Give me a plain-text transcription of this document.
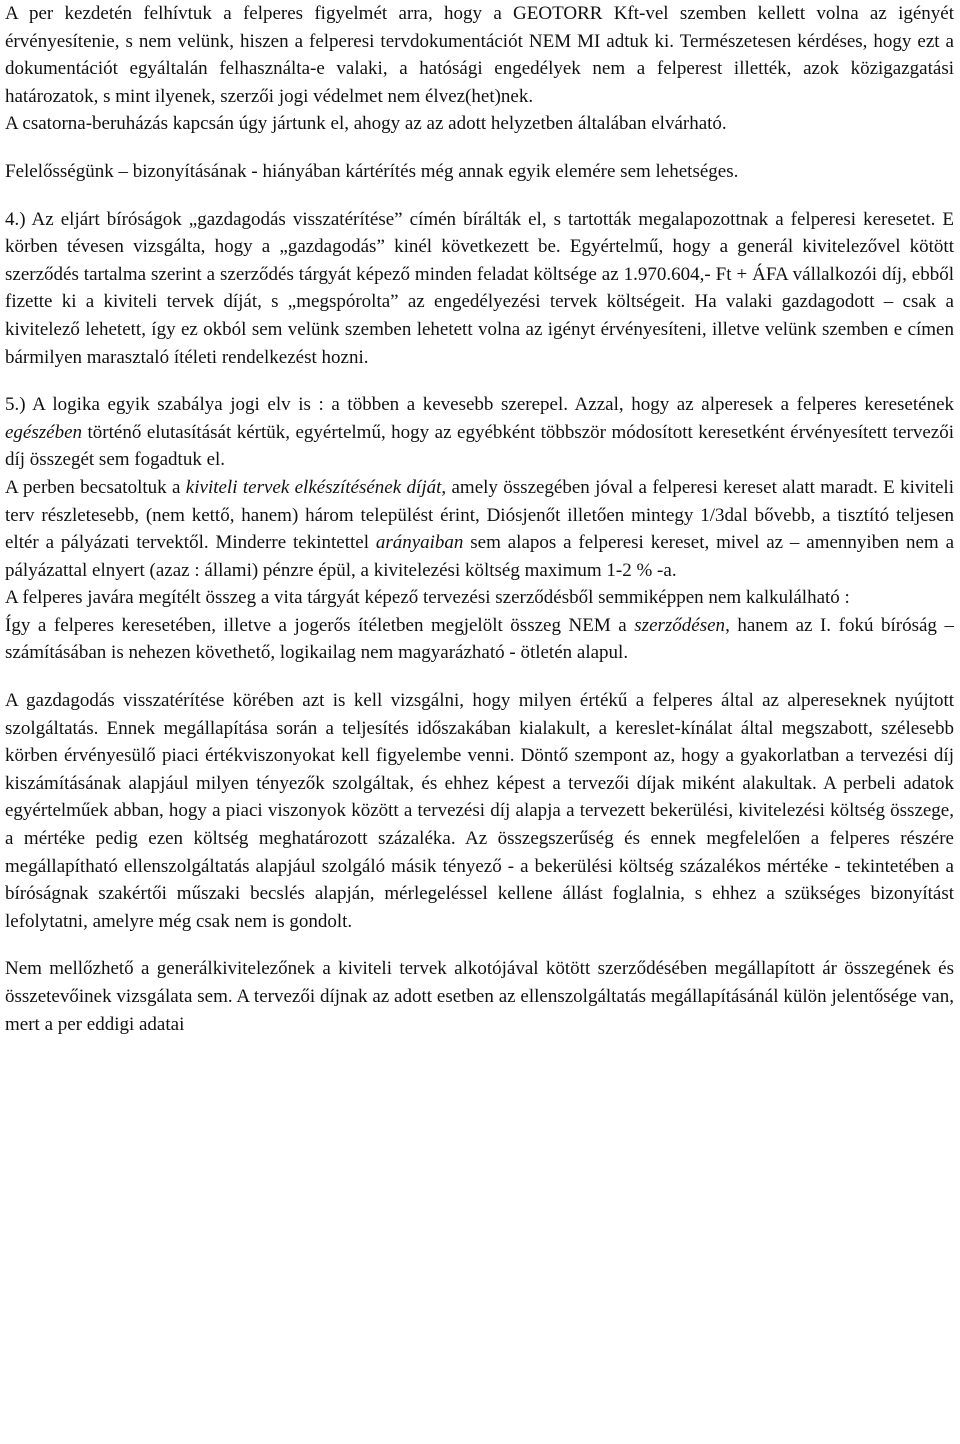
A per kezdetén felhívtuk a felperes figyelmét arra, hogy a GEOTORR Kft-vel szemben kellett volna az igényét érvényesítenie, s nem velünk, hiszen a felperesi tervdokumentációt NEM MI adtuk ki. Természetesen kérdéses, hogy ezt a dokumentációt egyáltalán felhasználta-e valaki, a hatósági engedélyek nem a felperest illették, azok közigazgatási határozatok, s mint ilyenek, szerzői jogi védelmet nem élvez(het)nek.

A csatorna-beruházás kapcsán úgy jártunk el, ahogy az az adott helyzetben általában elvárható.

Felelősségünk – bizonyításának - hiányában kártérítés még annak egyik elemére sem lehetséges.

4.) Az eljárt bíróságok „gazdagodás visszatérítése” címén bírálták el, s tartották megalapozottnak a felperesi keresetet. E körben tévesen vizsgálta, hogy a „gazdagodás” kinél következett be. Egyértelmű, hogy a generál kivitelezővel kötött szerződés tartalma szerint a szerződés tárgyát képező minden feladat költsége az 1.970.604,- Ft + ÁFA vállalkozói díj, ebből fizette ki a kiviteli tervek díját, s „megspórolta” az engedélyezési tervek költségeit. Ha valaki gazdagodott – csak a kivitelező lehetett, így ez okból sem velünk szemben lehetett volna az igényt érvényesíteni, illetve velünk szemben e címen bármilyen marasztaló ítéleti rendelkezést hozni.

5.) A logika egyik szabálya jogi elv is : a többen a kevesebb szerepel. Azzal, hogy az alperesek a felperes keresetének egészében történő elutasítását kértük, egyértelmű, hogy az egyébként többször módosított keresetként érvényesített tervezői díj összegét sem fogadtuk el.

A perben becsatoltuk a kiviteli tervek elkészítésének díját, amely összegében jóval a felperesi kereset alatt maradt. E kiviteli terv részletesebb, (nem kettő, hanem) három települést érint, Diósjenőt illetően mintegy 1/3dal bővebb, a tisztító teljesen eltér a pályázati tervektől. Minderre tekintettel arányaiban sem alapos a felperesi kereset, mivel az – amennyiben nem a pályázattal elnyert (azaz : állami) pénzre épül, a kivitelezési költség maximum 1-2 % -a.

A felperes javára megítélt összeg a vita tárgyát képező tervezési szerződésből semmiképpen nem kalkulálható :

Így a felperes keresetében, illetve a jogerős ítéletben megjelölt összeg NEM a szerződésen, hanem az I. fokú bíróság – számításában is nehezen követhető, logikailag nem magyarázható - ötletén alapul.

A gazdagodás visszatérítése körében azt is kell vizsgálni, hogy milyen értékű a felperes által az alpereseknek nyújtott szolgáltatás. Ennek megállapítása során a teljesítés időszakában kialakult, a kereslet-kínálat által megszabott, szélesebb körben érvényesülő piaci értékviszonyokat kell figyelembe venni. Döntő szempont az, hogy a gyakorlatban a tervezési díj kiszámításának alapjául milyen tényezők szolgáltak, és ehhez képest a tervezői díjak miként alakultak. A perbeli adatok egyértelműek abban, hogy a piaci viszonyok között a tervezési díj alapja a tervezett bekerülési, kivitelezési költség összege, a mértéke pedig ezen költség meghatározott százaléka. Az összegszerűség és ennek megfelelően a felperes részére megállapítható ellenszolgáltatás alapjául szolgáló másik tényező - a bekerülési költség százalékos mértéke - tekintetében a bíróságnak szakértői műszaki becslés alapján, mérlegeléssel kellene állást foglalnia, s ehhez a szükséges bizonyítást lefolytatni, amelyre még csak nem is gondolt.

Nem mellőzhető a generálkivitelezőnek a kiviteli tervek alkotójával kötött szerződésében megállapított ár összegének és összetevőinek vizsgálata sem. A tervezői díjnak az adott esetben az ellenszolgáltatás megállapításánál külön jelentősége van, mert a per eddigi adatai
